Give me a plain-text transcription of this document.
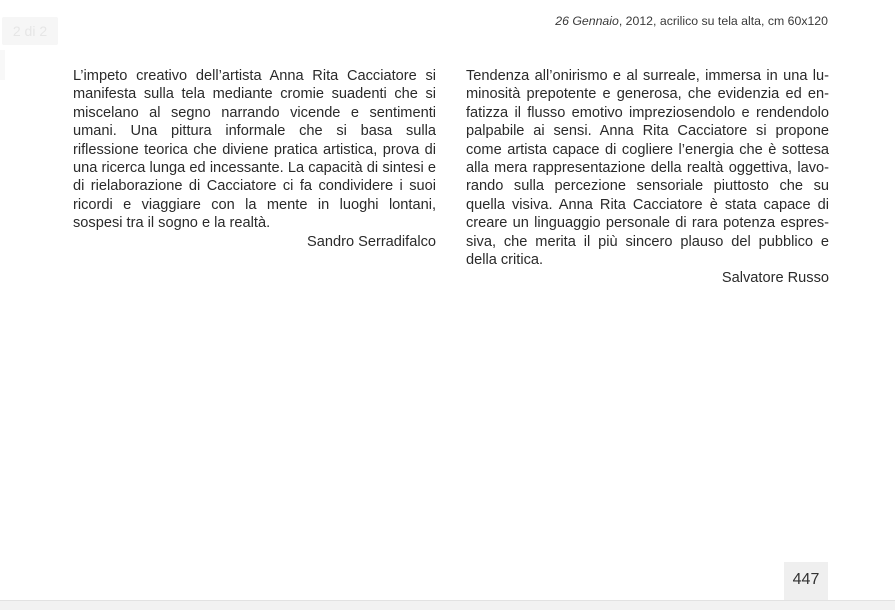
2 di 2
26 Gennaio, 2012, acrilico su tela alta, cm 60x120

L’impeto creativo dell’artista Anna Rita Cacciatore si manifesta sulla tela mediante cromie suadenti che si miscelano al segno narrando vicende e sentimenti umani. Una pittura informale che si basa sulla riflessione teorica che diviene pratica artistica, prova di una ricerca lunga ed incessante. La capacità di sintesi e di rielaborazione di Cacciatore ci fa condividere i suoi ricordi e viaggiare con la mente in luoghi lontani, sospesi tra il sogno e la realtà.

Sandro Serradifalco

Tendenza all’onirismo e al surreale, immersa in una luminosità prepotente e generosa, che evidenzia ed enfatizza il flusso emotivo impreziosendolo e rendendolo palpabile ai sensi. Anna Rita Cacciatore si propone come artista capace di cogliere l’energia che è sottesa alla mera rappresentazione della realtà oggettiva, lavorando sulla percezione sensoriale piuttosto che su quella visiva. Anna Rita Cacciatore è stata capace di creare un linguaggio personale di rara potenza espressiva, che merita il più sincero plauso del pubblico e della critica.

Salvatore Russo

447
